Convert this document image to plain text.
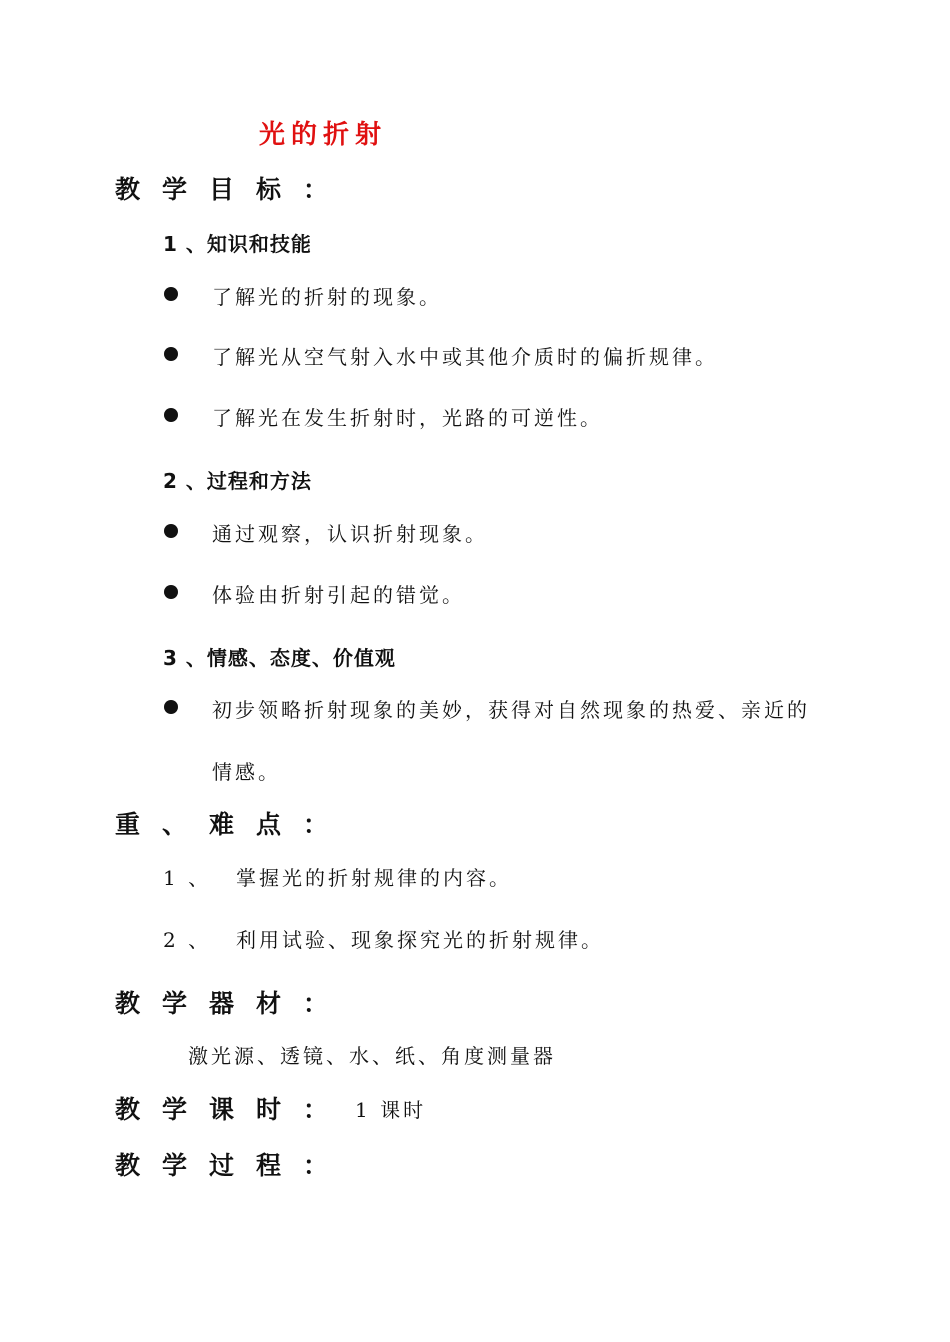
光的折射
教学目标：
1 、知识和技能
了解光的折射的现象。
了解光从空气射入水中或其他介质时的偏折规律。
了解光在发生折射时，光路的可逆性。
2 、过程和方法
通过观察，认识折射现象。
体验由折射引起的错觉。
3 、情感、态度、价值观
初步领略折射现象的美妙，获得对自然现象的热爱、亲近的
情感。
重、难点：
1 、 掌握光的折射规律的内容。
2 、 利用试验、现象探究光的折射规律。
教学器材：
激光源、透镜、水、纸、角度测量器
教学课时： 1 课时
教学过程：
